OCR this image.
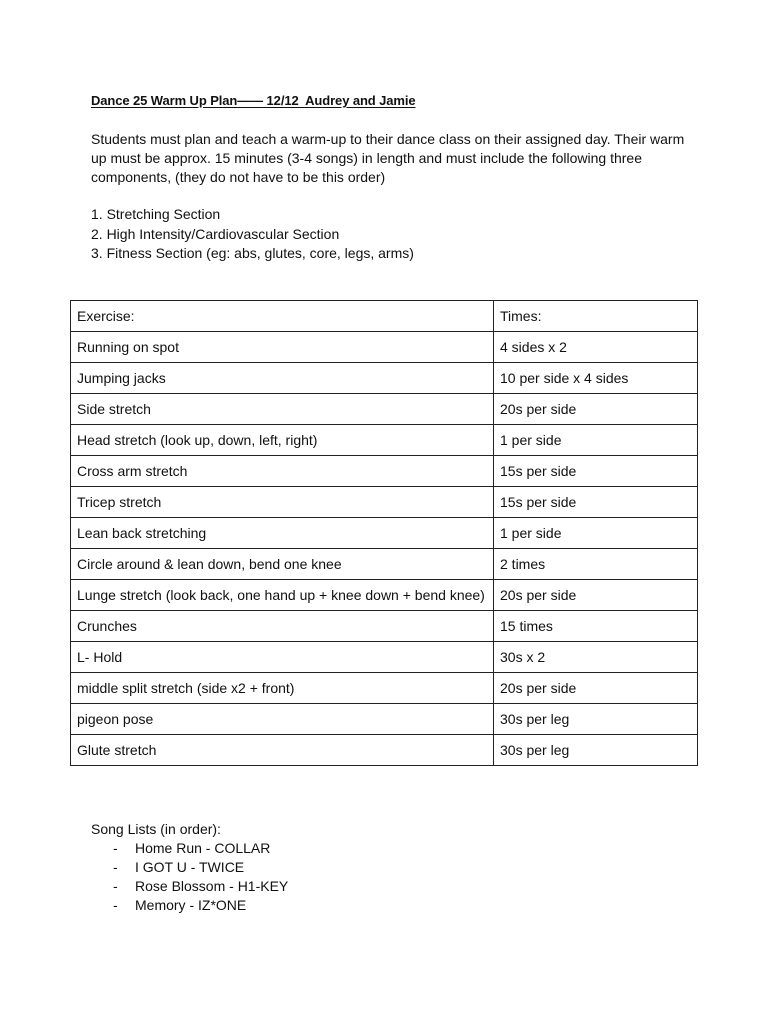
Dance 25 Warm Up Plan—— 12/12  Audrey and Jamie

Students must plan and teach a warm-up to their dance class on their assigned day. Their warm up must be approx. 15 minutes (3-4 songs) in length and must include the following three components, (they do not have to be this order)

1. Stretching Section
2. High Intensity/Cardiovascular Section
3. Fitness Section (eg: abs, glutes, core, legs, arms)
Exercise:	Times:
Running on spot	4 sides x 2
Jumping jacks	10 per side x 4 sides
Side stretch	20s per side
Head stretch (look up, down, left, right)	1 per side
Cross arm stretch	15s per side
Tricep stretch	15s per side
Lean back stretching	1 per side
Circle around & lean down, bend one knee	2 times
Lunge stretch (look back, one hand up + knee down + bend knee)	20s per side
Crunches	15 times
L- Hold	30s x 2
middle split stretch (side x2 + front)	20s per side
pigeon pose	30s per leg
Glute stretch	30s per leg
Song Lists (in order):
- Home Run - COLLAR
- I GOT U - TWICE
- Rose Blossom - H1-KEY
- Memory - IZ*ONE
